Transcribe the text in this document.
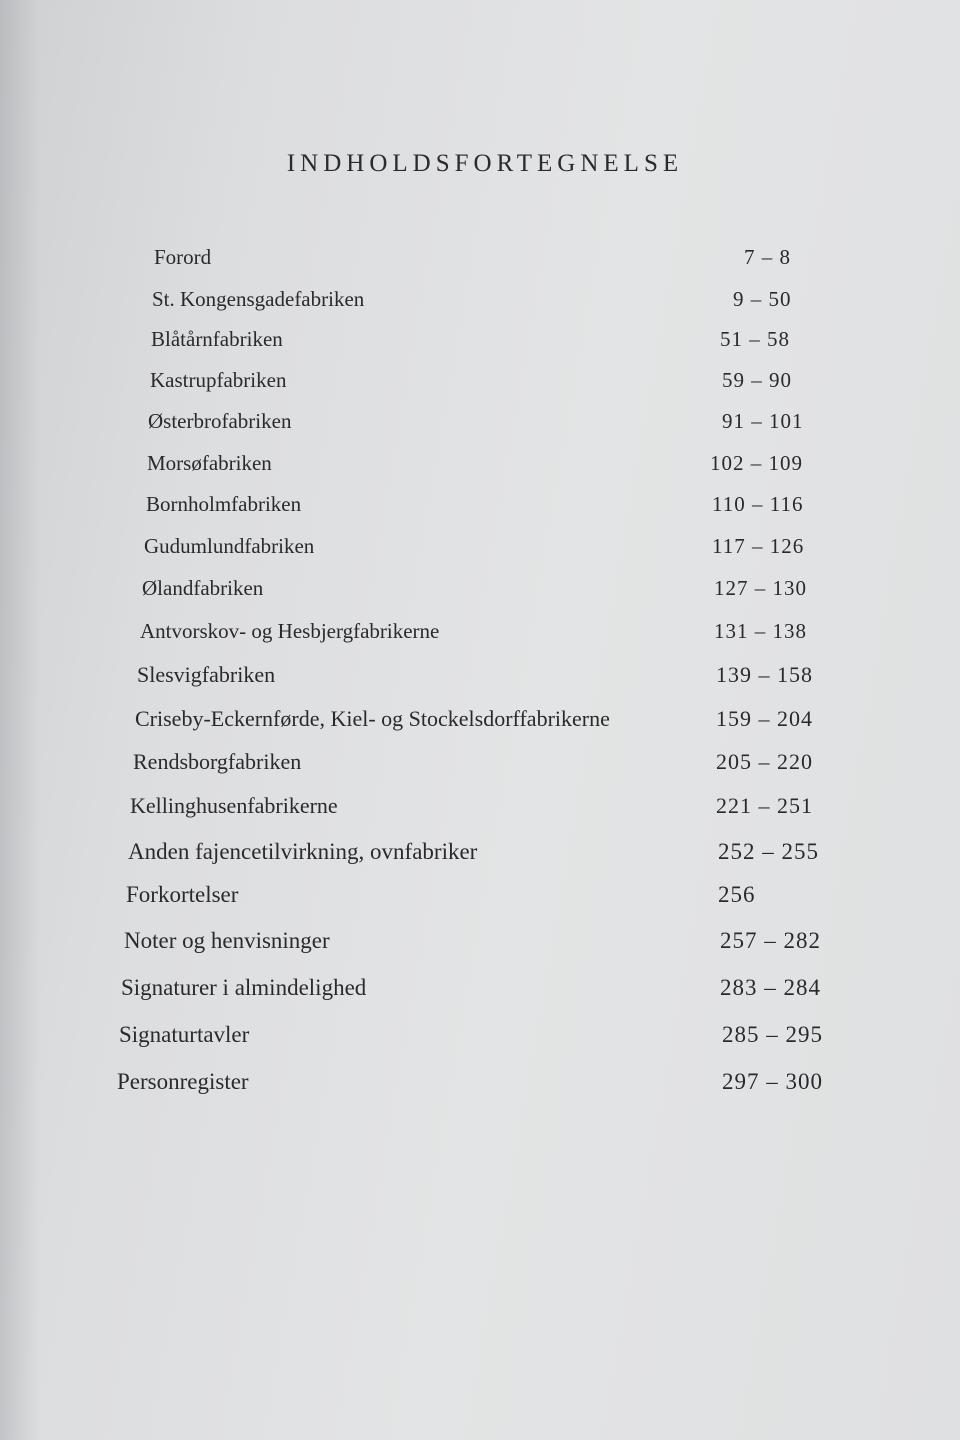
INDHOLDSFORTEGNELSE
Forord	7 – 8
St. Kongensgadefabriken	9 – 50
Blåtårnfabriken	51 – 58
Kastrupfabriken	59 – 90
Østerbrofabriken	91 – 101
Morsøfabriken	102 – 109
Bornholmfabriken	110 – 116
Gudumlundfabriken	117 – 126
Ølandfabriken	127 – 130
Antvorskov- og Hesbjergfabrikerne	131 – 138
Slesvigfabriken	139 – 158
Criseby-Eckernførde, Kiel- og Stockelsdorffabrikerne	159 – 204
Rendsborgfabriken	205 – 220
Kellinghusenfabrikerne	221 – 251
Anden fajencetilvirkning, ovnfabriker	252 – 255
Forkortelser	256
Noter og henvisninger	257 – 282
Signaturer i almindelighed	283 – 284
Signaturtavler	285 – 295
Personregister	297 – 300
